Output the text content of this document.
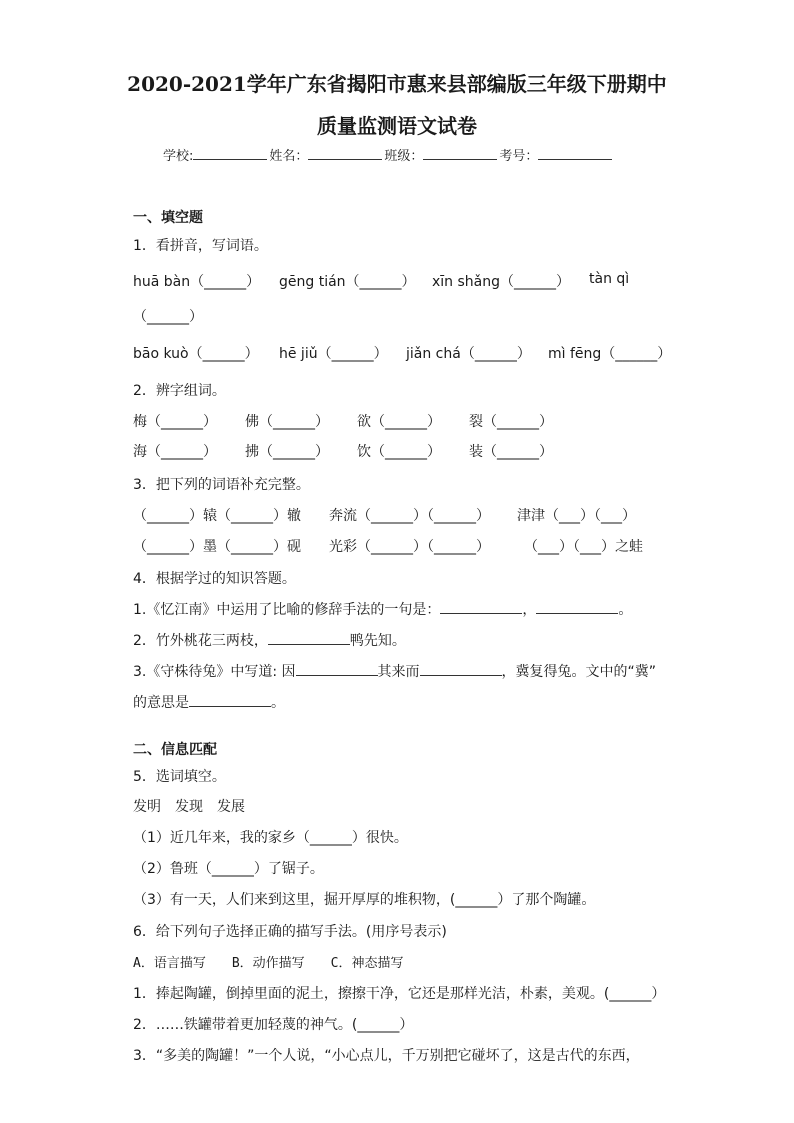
2020-2021学年广东省揭阳市惠来县部编版三年级下册期中
质量监测语文试卷
学校:	姓名：	班级：	考号：
一、填空题
1．看拼音，写词语。
huā bàn（______） gēng tián（______） xīn shǎng（______） tàn qì
（______）
bāo kuò（______） hē jiǔ（______） jiǎn chá（______） mì fēng（______）
2．辨字组词。
梅（______） 佛（______） 欲（______） 裂（______）
海（______） 拂（______） 饮（______） 装（______）
3．把下列的词语补充完整。
（______）辕（______）辙 奔流（______）（______） 津津（___）（___）
（______）墨（______）砚 光彩（______）（______） （___）（___）之蛙
4．根据学过的知识答题。
1.《忆江南》中运用了比喻的修辞手法的一句是：	，	。
2．竹外桃花三两枝，	鸭先知。
3.《守株待兔》中写道: 因	其来而	，冀复得兔。文中的“冀”
的意思是	。
二、信息匹配
5．选词填空。
发明　发现　发展
（1）近几年来，我的家乡（______）很快。
（2）鲁班（______）了锯子。
（3）有一天，人们来到这里，掘开厚厚的堆积物，(______）了那个陶罐。
6．给下列句子选择正确的描写手法。(用序号表示)
A．语言描写　　B．动作描写　　C．神态描写
1．捧起陶罐，倒掉里面的泥土，擦擦干净，它还是那样光洁，朴素，美观。(______）
2．……铁罐带着更加轻蔑的神气。(______）
3．“多美的陶罐！”一个人说，“小心点儿，千万别把它碰坏了，这是古代的东西，
